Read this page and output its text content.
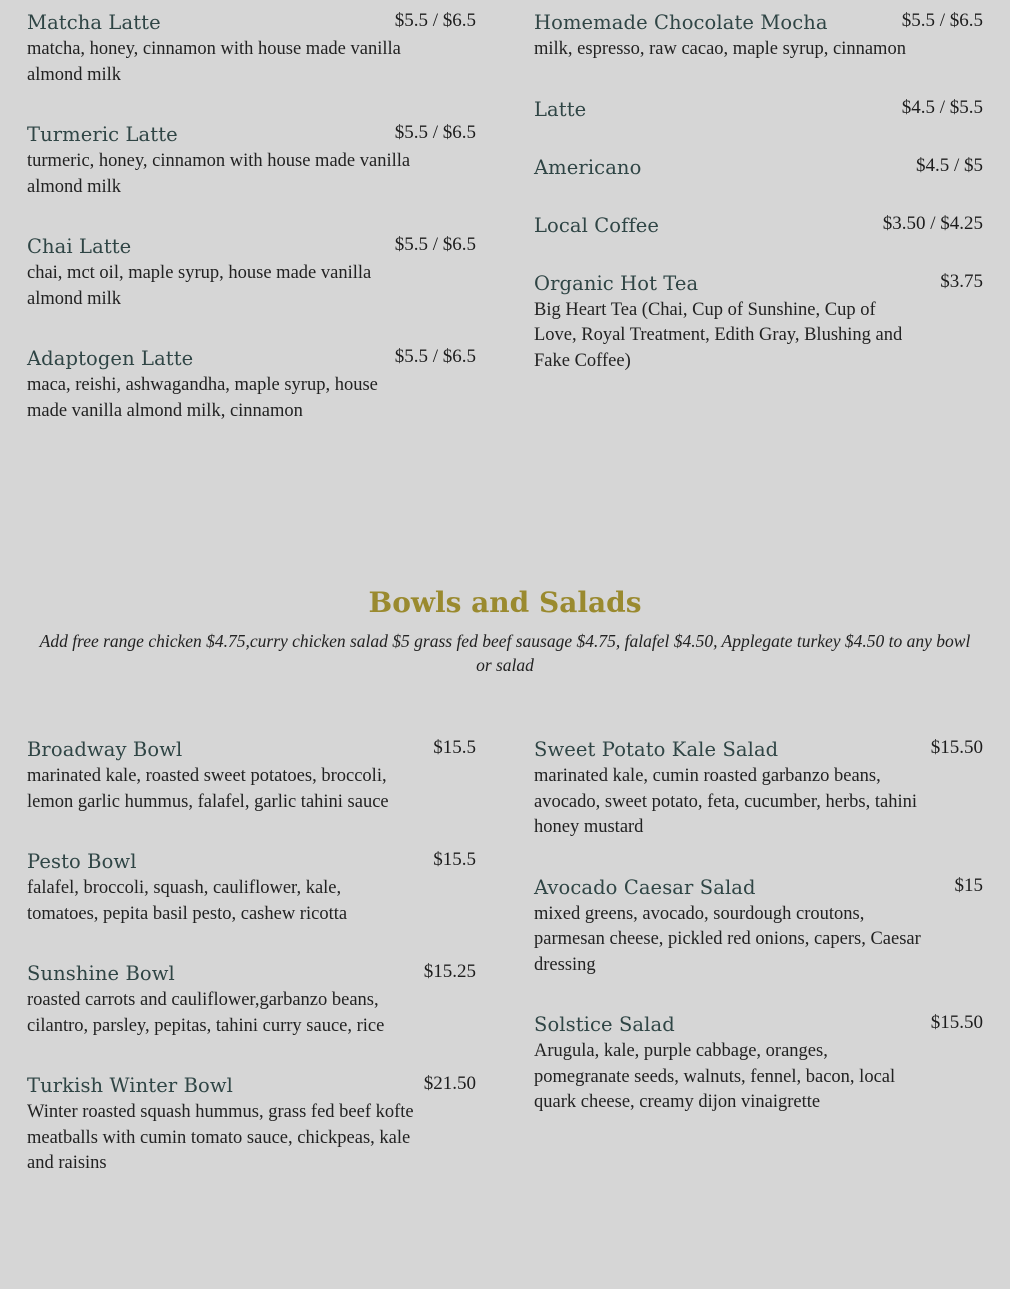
Matcha Latte	$5.5 / $6.5
matcha, honey, cinnamon with house made vanilla almond milk
Turmeric Latte	$5.5 / $6.5
turmeric, honey, cinnamon with house made vanilla almond milk
Chai Latte	$5.5 / $6.5
chai, mct oil, maple syrup, house made vanilla almond milk
Adaptogen Latte	$5.5 / $6.5
maca, reishi, ashwagandha, maple syrup, house made vanilla almond milk, cinnamon
Homemade Chocolate Mocha	$5.5 / $6.5
milk, espresso, raw cacao, maple syrup, cinnamon
Latte	$4.5 / $5.5
Americano	$4.5 / $5
Local Coffee	$3.50 / $4.25
Organic Hot Tea	$3.75
Big Heart Tea (Chai, Cup of Sunshine, Cup of Love, Royal Treatment, Edith Gray, Blushing and Fake Coffee)
Bowls and Salads
Add free range chicken $4.75,curry chicken salad $5 grass fed beef sausage $4.75, falafel $4.50, Applegate turkey $4.50 to any bowl or salad
Broadway Bowl	$15.5
marinated kale, roasted sweet potatoes, broccoli, lemon garlic hummus, falafel, garlic tahini sauce
Pesto Bowl	$15.5
falafel, broccoli, squash, cauliflower, kale, tomatoes, pepita basil pesto, cashew ricotta
Sunshine Bowl	$15.25
roasted carrots and cauliflower,garbanzo beans, cilantro, parsley, pepitas, tahini curry sauce, rice
Turkish Winter Bowl	$21.50
Winter roasted squash hummus, grass fed beef kofte meatballs with cumin tomato sauce, chickpeas, kale and raisins
Sweet Potato Kale Salad	$15.50
marinated kale, cumin roasted garbanzo beans, avocado, sweet potato, feta, cucumber, herbs, tahini honey mustard
Avocado Caesar Salad	$15
mixed greens, avocado, sourdough croutons, parmesan cheese, pickled red onions, capers, Caesar dressing
Solstice Salad	$15.50
Arugula, kale, purple cabbage, oranges, pomegranate seeds, walnuts, fennel, bacon, local quark cheese, creamy dijon vinaigrette
